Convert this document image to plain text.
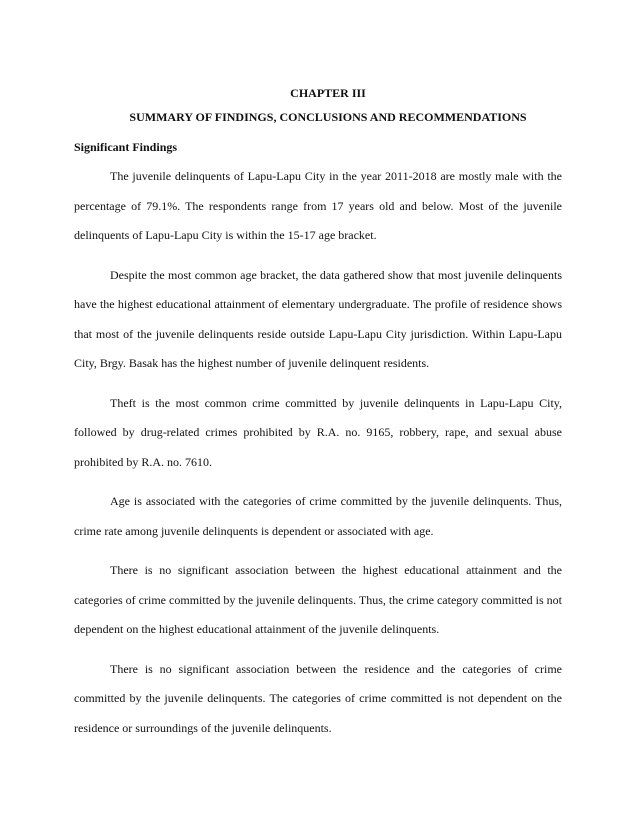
CHAPTER III
SUMMARY OF FINDINGS, CONCLUSIONS AND RECOMMENDATIONS
Significant Findings

The juvenile delinquents of Lapu-Lapu City in the year 2011-2018 are mostly male with the percentage of 79.1%. The respondents range from 17 years old and below. Most of the juvenile delinquents of Lapu-Lapu City is within the 15-17 age bracket.

Despite the most common age bracket, the data gathered show that most juvenile delinquents have the highest educational attainment of elementary undergraduate. The profile of residence shows that most of the juvenile delinquents reside outside Lapu-Lapu City jurisdiction. Within Lapu-Lapu City, Brgy. Basak has the highest number of juvenile delinquent residents.

Theft is the most common crime committed by juvenile delinquents in Lapu-Lapu City, followed by drug-related crimes prohibited by R.A. no. 9165, robbery, rape, and sexual abuse prohibited by R.A. no. 7610.

Age is associated with the categories of crime committed by the juvenile delinquents. Thus, crime rate among juvenile delinquents is dependent or associated with age.

There is no significant association between the highest educational attainment and the categories of crime committed by the juvenile delinquents. Thus, the crime category committed is not dependent on the highest educational attainment of the juvenile delinquents.

There is no significant association between the residence and the categories of crime committed by the juvenile delinquents. The categories of crime committed is not dependent on the residence or surroundings of the juvenile delinquents.
